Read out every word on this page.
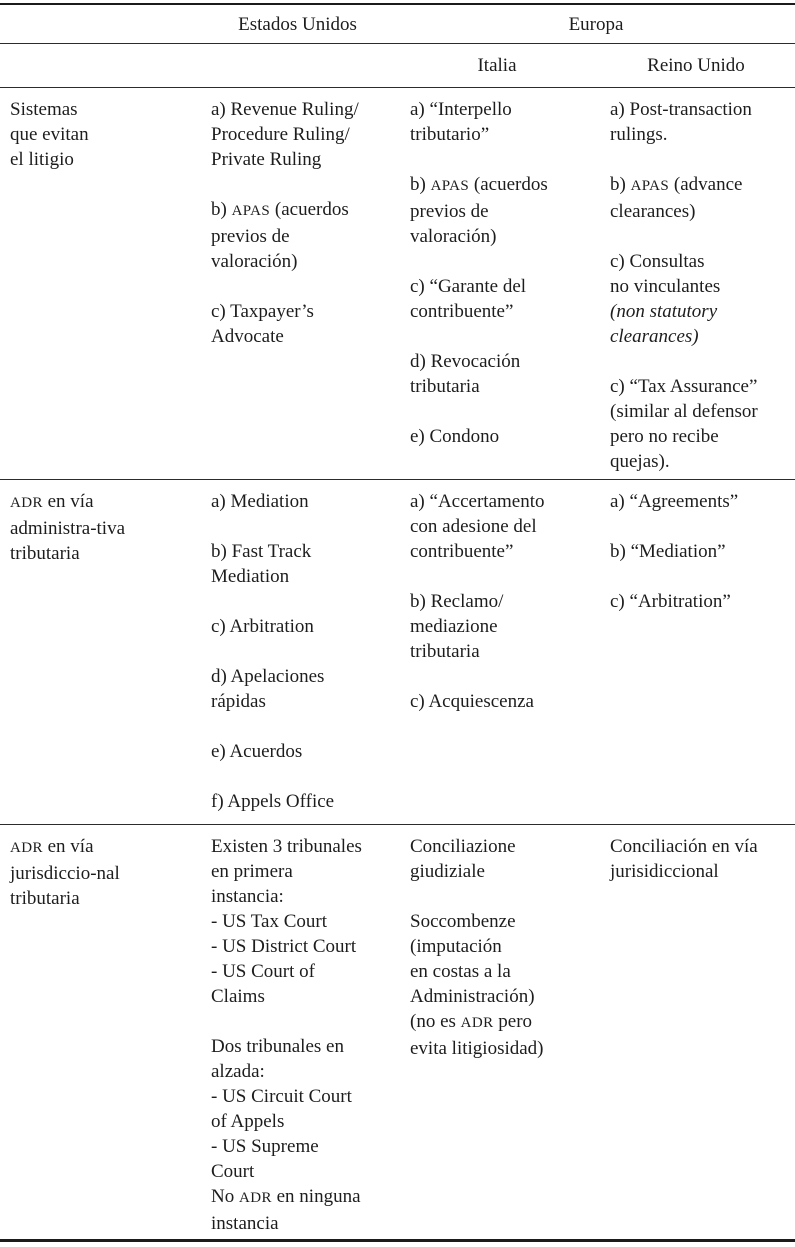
Estados Unidos	Europa
Italia	Reino Unido
Sistemas
que evitan
el litigio

a) Revenue Ruling/
Procedure Ruling/
Private Ruling

b) APAS (acuerdos
previos de
valoración)

c) Taxpayer’s
Advocate

a) “Interpello
tributario”

b) APAS (acuerdos
previos de
valoración)

c) “Garante del
contribuente”

d) Revocación
tributaria

e) Condono

a) Post-transaction
rulings.

b) APAS (advance
clearances)

c) Consultas
no vinculantes
(non statutory
clearances)

c) “Tax Assurance”
(similar al defensor
pero no recibe
quejas).

ADR en vía
administra-tiva
tributaria

a) Mediation

b) Fast Track
Mediation

c) Arbitration

d) Apelaciones
rápidas

e) Acuerdos

f) Appels Office

a) “Accertamento
con adesione del
contribuente”

b) Reclamo/
mediazione
tributaria

c) Acquiescenza

a) “Agreements”

b) “Mediation”

c) “Arbitration”

ADR en vía
jurisdiccio-nal
tributaria

Existen 3 tribunales
en primera
instancia:
- US Tax Court
- US District Court
- US Court of
Claims

Dos tribunales en
alzada:
- US Circuit Court
of Appels
- US Supreme
Court
No ADR en ninguna
instancia

Conciliazione
giudiziale

Soccombenze
(imputación
en costas a la
Administración)
(no es ADR pero
evita litigiosidad)

Conciliación en vía
jurisidiccional
